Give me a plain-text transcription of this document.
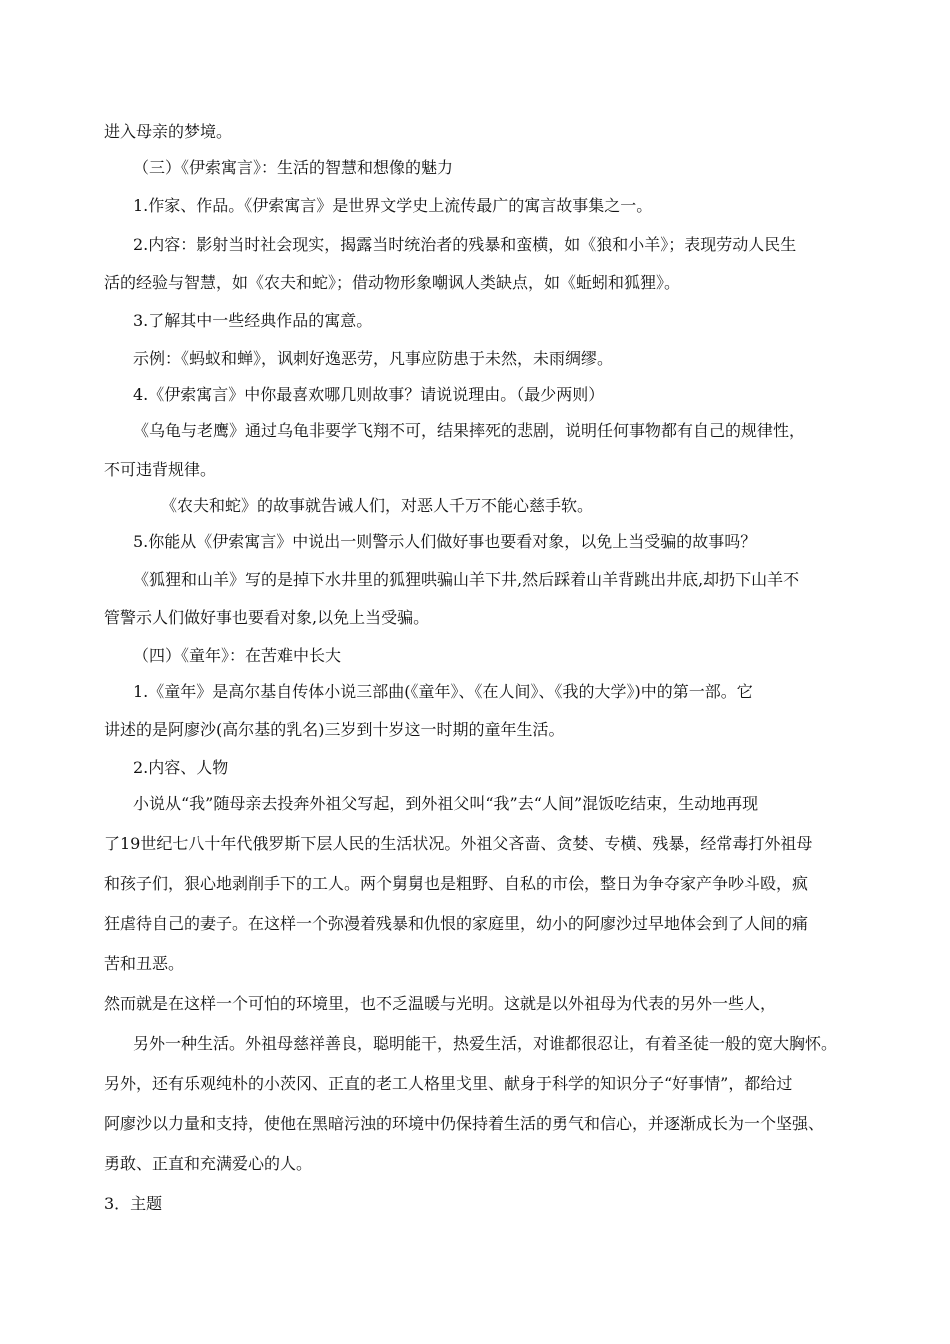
进入母亲的梦境。
（三）《伊索寓言》：生活的智慧和想像的魅力
1.作家、作品。《伊索寓言》是世界文学史上流传最广的寓言故事集之一。
2.内容：影射当时社会现实，揭露当时统治者的残暴和蛮横，如《狼和小羊》；表现劳动人民生
活的经验与智慧，如《农夫和蛇》；借动物形象嘲讽人类缺点，如《蚯蚓和狐狸》。
3.了解其中一些经典作品的寓意。
示例：《蚂蚁和蝉》，讽刺好逸恶劳，凡事应防患于未然，未雨绸缪。
4.《伊索寓言》中你最喜欢哪几则故事？请说说理由。（最少两则）
《乌龟与老鹰》通过乌龟非要学飞翔不可，结果摔死的悲剧，说明任何事物都有自己的规律性，
不可违背规律。
《农夫和蛇》的故事就告诫人们，对恶人千万不能心慈手软。
5.你能从《伊索寓言》中说出一则警示人们做好事也要看对象，以免上当受骗的故事吗？
《狐狸和山羊》写的是掉下水井里的狐狸哄骗山羊下井,然后踩着山羊背跳出井底,却扔下山羊不
管警示人们做好事也要看对象,以免上当受骗。
（四）《童年》：在苦难中长大
1.《童年》是高尔基自传体小说三部曲(《童年》、《在人间》、《我的大学》)中的第一部。它
讲述的是阿廖沙(高尔基的乳名)三岁到十岁这一时期的童年生活。
2.内容、人物
小说从“我”随母亲去投奔外祖父写起，到外祖父叫“我”去“人间”混饭吃结束，生动地再现
了19世纪七八十年代俄罗斯下层人民的生活状况。外祖父吝啬、贪婪、专横、残暴，经常毒打外祖母
和孩子们，狠心地剥削手下的工人。两个舅舅也是粗野、自私的市侩，整日为争夺家产争吵斗殴，疯
狂虐待自己的妻子。在这样一个弥漫着残暴和仇恨的家庭里，幼小的阿廖沙过早地体会到了人间的痛
苦和丑恶。
然而就是在这样一个可怕的环境里，也不乏温暖与光明。这就是以外祖母为代表的另外一些人，
另外一种生活。外祖母慈祥善良，聪明能干，热爱生活，对谁都很忍让，有着圣徒一般的宽大胸怀。
另外，还有乐观纯朴的小茨冈、正直的老工人格里戈里、献身于科学的知识分子“好事情”，都给过
阿廖沙以力量和支持，使他在黑暗污浊的环境中仍保持着生活的勇气和信心，并逐渐成长为一个坚强、
勇敢、正直和充满爱心的人。
3．主题
